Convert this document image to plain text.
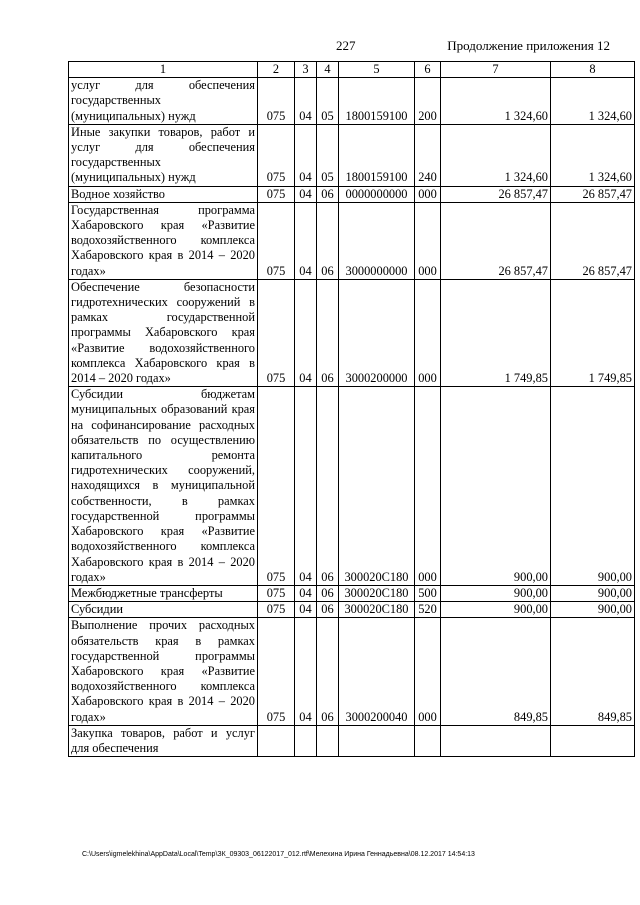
227	Продолжение приложения 12
1	2	3	4	5	6	7	8
услуг для обеспечения государственных (муниципальных) нужд	075	04	05	1800159100	200	1 324,60	1 324,60
Иные закупки товаров, работ и услуг для обеспечения государственных (муниципальных) нужд	075	04	05	1800159100	240	1 324,60	1 324,60
Водное хозяйство	075	04	06	0000000000	000	26 857,47	26 857,47
Государственная программа Хабаровского края «Развитие водохозяйственного комплекса Хабаровского края в 2014 – 2020 годах»	075	04	06	3000000000	000	26 857,47	26 857,47
Обеспечение безопасности гидротехнических сооружений в рамках государственной программы Хабаровского края «Развитие водохозяйственного комплекса Хабаровского края в 2014 – 2020 годах»	075	04	06	3000200000	000	1 749,85	1 749,85
Субсидии бюджетам муниципальных образований края на софинансирование расходных обязательств по осуществлению капитального ремонта гидротехнических сооружений, находящихся в муниципальной собственности, в рамках государственной программы Хабаровского края «Развитие водохозяйственного комплекса Хабаровского края в 2014 – 2020 годах»	075	04	06	300020С180	000	900,00	900,00
Межбюджетные трансферты	075	04	06	300020С180	500	900,00	900,00
Субсидии	075	04	06	300020С180	520	900,00	900,00
Выполнение прочих расходных обязательств края в рамках государственной программы Хабаровского края «Развитие водохозяйственного комплекса Хабаровского края в 2014 – 2020 годах»	075	04	06	3000200040	000	849,85	849,85
Закупка товаров, работ и услуг для обеспечения							
C:\Users\igmelekhina\AppData\Local\Temp\ЗК_09303_06122017_012.rtf\Мелехина Ирина Геннадьевна\08.12.2017 14:54:13
